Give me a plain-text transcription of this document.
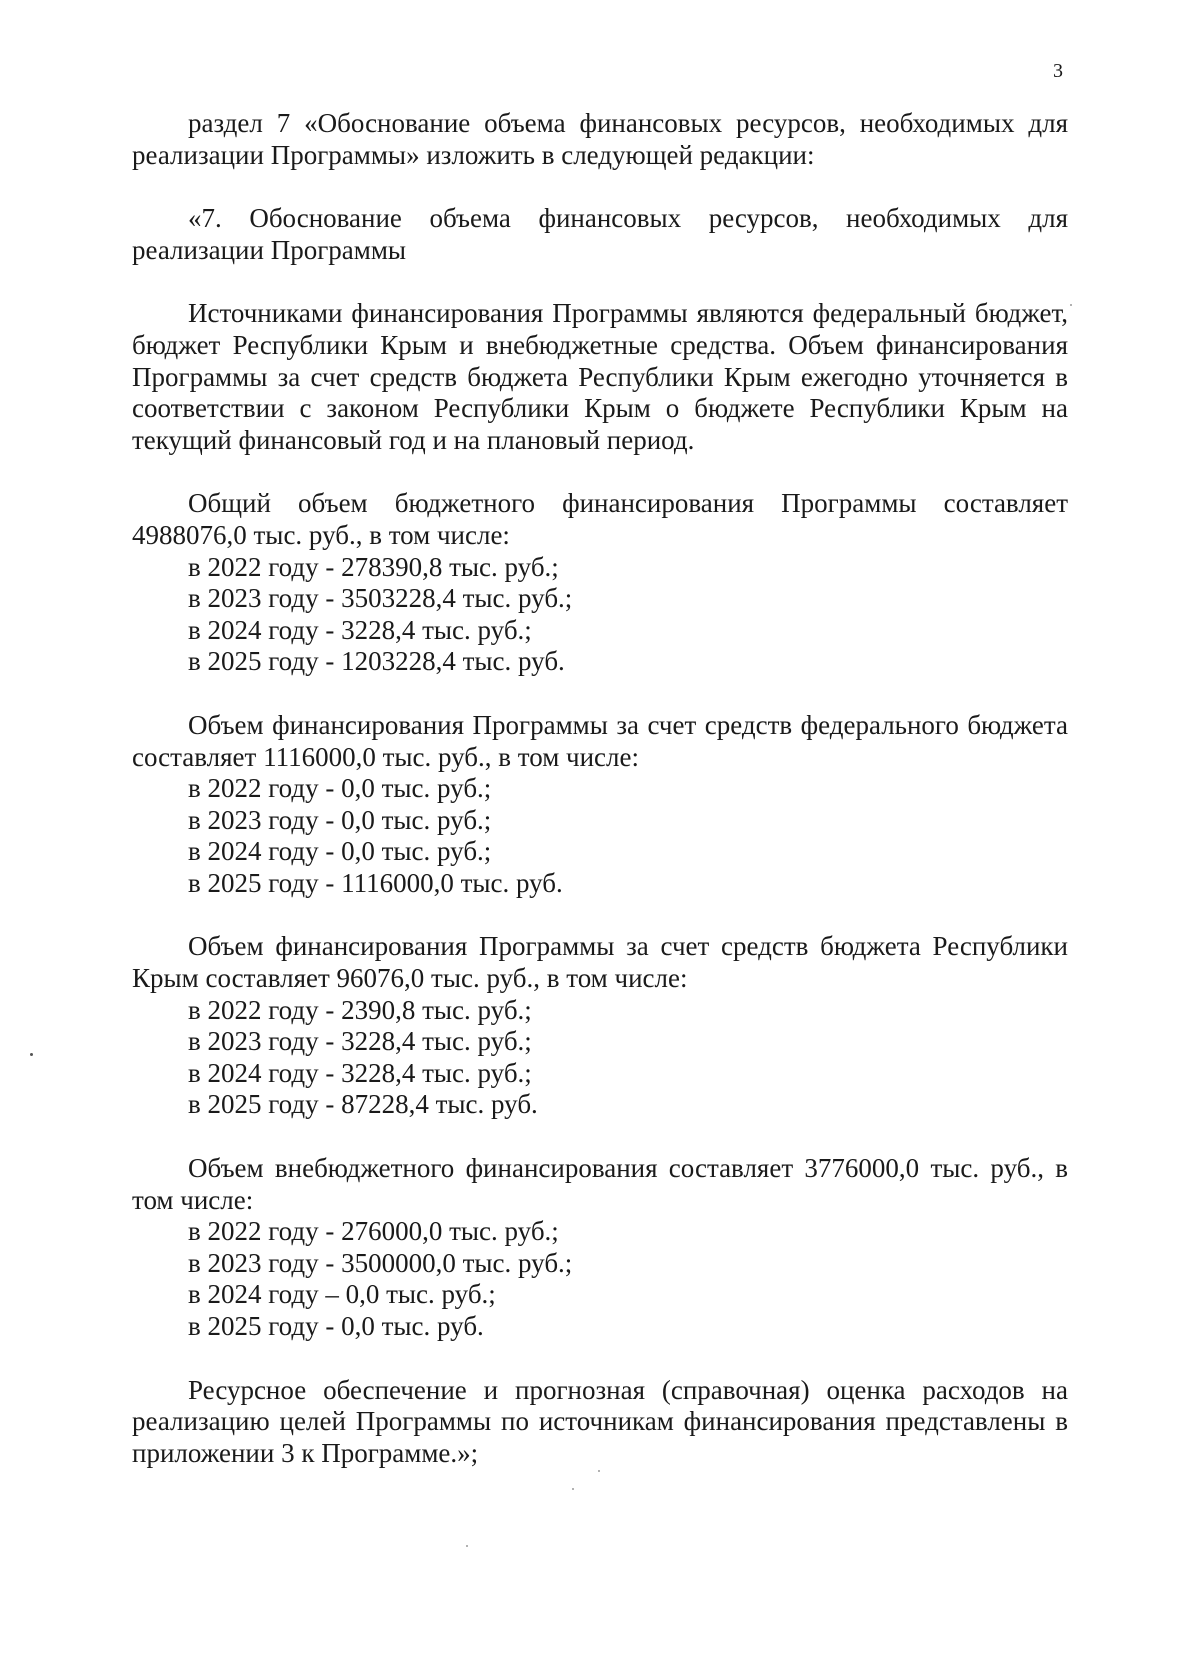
3

раздел 7 «Обоснование объема финансовых ресурсов, необходимых для реализации Программы» изложить в следующей редакции:

«7. Обоснование объема финансовых ресурсов, необходимых для реализации Программы

Источниками финансирования Программы являются федеральный бюджет, бюджет Республики Крым и внебюджетные средства. Объем финансирования Программы за счет средств бюджета Республики Крым ежегодно уточняется в соответствии с законом Республики Крым о бюджете Республики Крым на текущий финансовый год и на плановый период.

Общий объем бюджетного финансирования Программы составляет 4988076,0 тыс. руб., в том числе:

в 2022 году - 278390,8 тыс. руб.;
в 2023 году - 3503228,4 тыс. руб.;
в 2024 году - 3228,4 тыс. руб.;
в 2025 году - 1203228,4 тыс. руб.

Объем финансирования Программы за счет средств федерального бюджета составляет 1116000,0 тыс. руб., в том числе:

в 2022 году - 0,0 тыс. руб.;
в 2023 году - 0,0 тыс. руб.;
в 2024 году - 0,0 тыс. руб.;
в 2025 году - 1116000,0 тыс. руб.

Объем финансирования Программы за счет средств бюджета Республики Крым составляет 96076,0 тыс. руб., в том числе:

в 2022 году - 2390,8 тыс. руб.;
в 2023 году - 3228,4 тыс. руб.;
в 2024 году - 3228,4 тыс. руб.;
в 2025 году - 87228,4 тыс. руб.

Объем внебюджетного финансирования составляет 3776000,0 тыс. руб., в том числе:

в 2022 году - 276000,0 тыс. руб.;
в 2023 году - 3500000,0 тыс. руб.;
в 2024 году – 0,0 тыс. руб.;
в 2025 году - 0,0 тыс. руб.

Ресурсное обеспечение и прогнозная (справочная) оценка расходов на реализацию целей Программы по источникам финансирования представлены в приложении 3 к Программе.»;
